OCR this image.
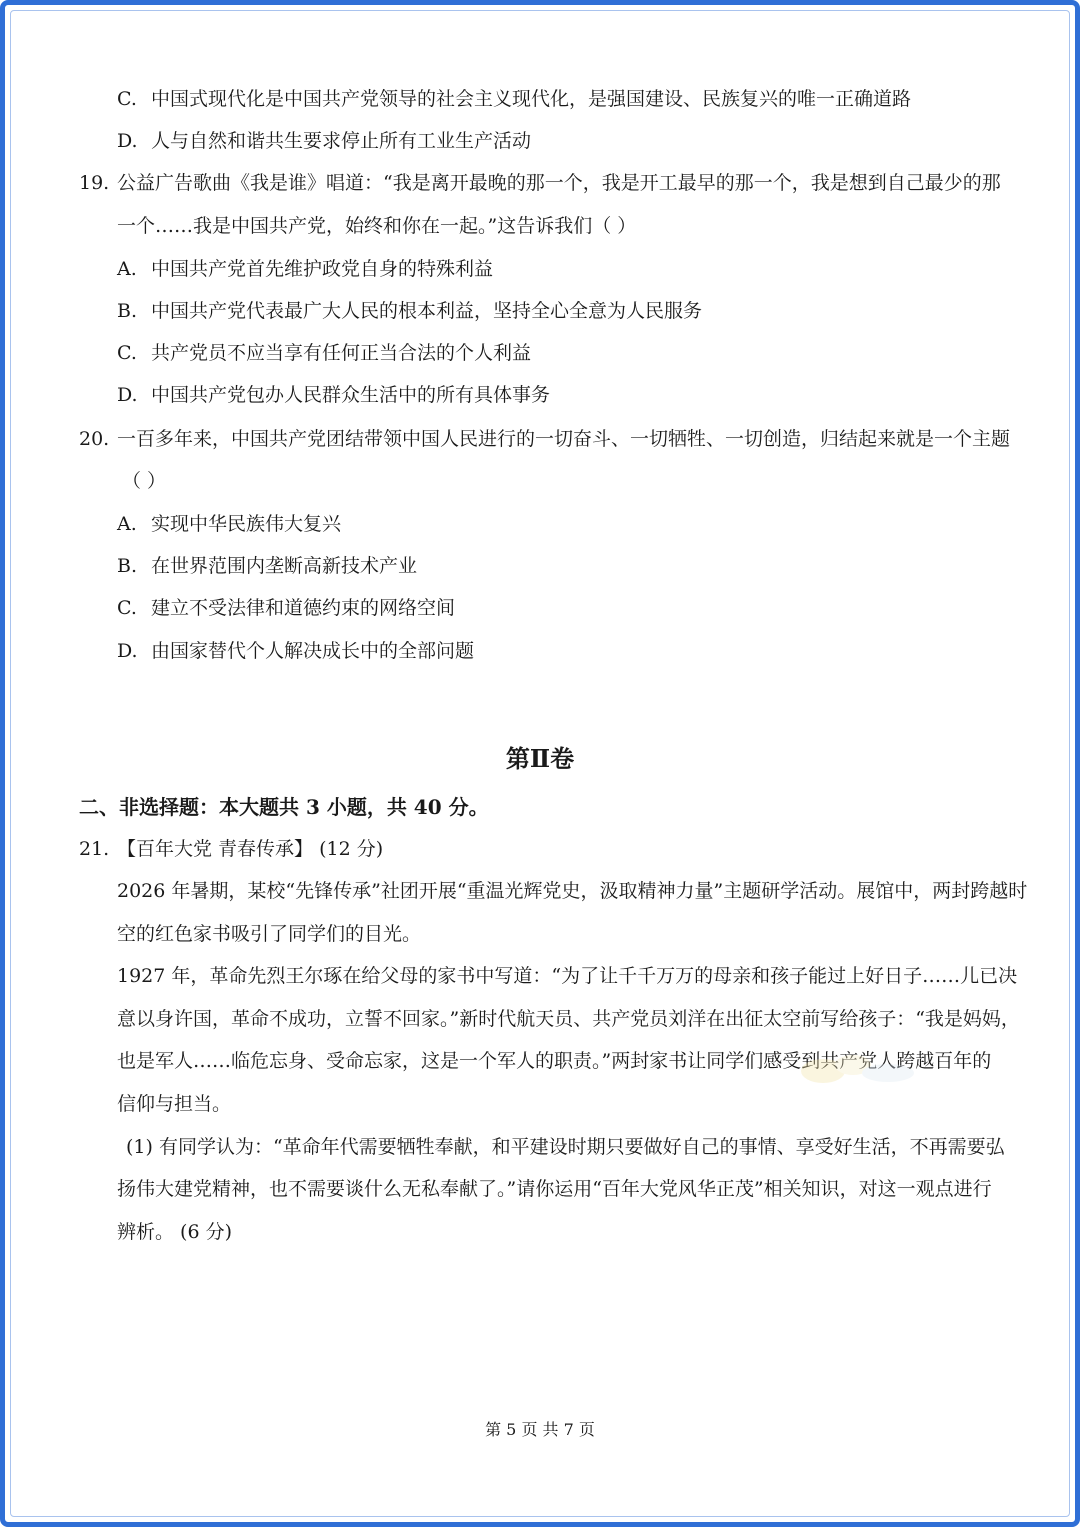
C. 中国式现代化是中国共产党领导的社会主义现代化，是强国建设、民族复兴的唯一正确道路
D. 人与自然和谐共生要求停止所有工业生产活动
19. 公益广告歌曲《我是谁》唱道：“我是离开最晚的那一个，我是开工最早的那一个，我是想到自己最少的那
一个……我是中国共产党，始终和你在一起。”这告诉我们（ ）
A. 中国共产党首先维护政党自身的特殊利益
B. 中国共产党代表最广大人民的根本利益，坚持全心全意为人民服务
C. 共产党员不应当享有任何正当合法的个人利益
D. 中国共产党包办人民群众生活中的所有具体事务
20. 一百多年来，中国共产党团结带领中国人民进行的一切奋斗、一切牺牲、一切创造，归结起来就是一个主题
（ ）
A. 实现中华民族伟大复兴
B. 在世界范围内垄断高新技术产业
C. 建立不受法律和道德约束的网络空间
D. 由国家替代个人解决成长中的全部问题
第Ⅱ卷
二、非选择题：本大题共 3 小题，共 40 分。
21. 【百年大党 青春传承】 (12 分)
2026 年暑期，某校“先锋传承”社团开展“重温光辉党史，汲取精神力量”主题研学活动。展馆中，两封跨越时
空的红色家书吸引了同学们的目光。
1927 年，革命先烈王尔琢在给父母的家书中写道：“为了让千千万万的母亲和孩子能过上好日子……儿已决
意以身许国，革命不成功，立誓不回家。”新时代航天员、共产党员刘洋在出征太空前写给孩子：“我是妈妈，
也是军人……临危忘身、受命忘家，这是一个军人的职责。”两封家书让同学们感受到共产党人跨越百年的
信仰与担当。
(1) 有同学认为：“革命年代需要牺牲奉献，和平建设时期只要做好自己的事情、享受好生活，不再需要弘
扬伟大建党精神，也不需要谈什么无私奉献了。”请你运用“百年大党风华正茂”相关知识，对这一观点进行
辨析。 (6 分)
第 5 页 共 7 页
